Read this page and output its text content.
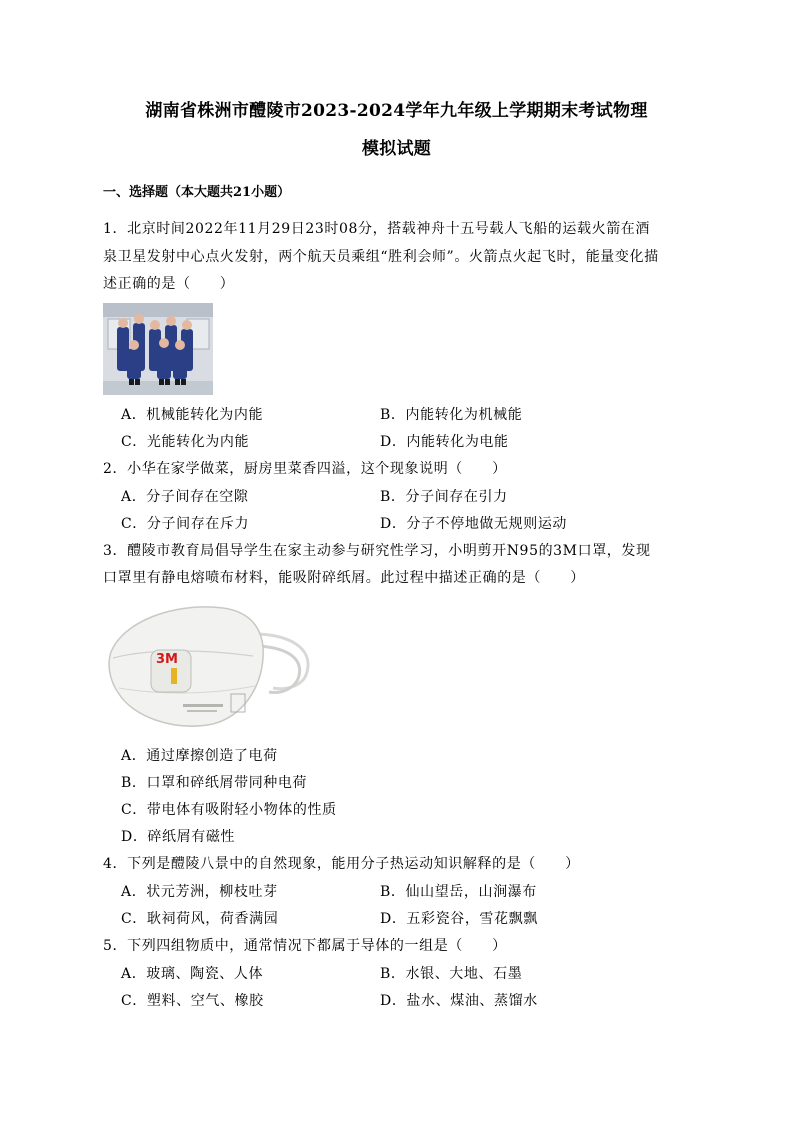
湖南省株洲市醴陵市2023-2024学年九年级上学期期末考试物理
模拟试题
一、选择题（本大题共21小题）
1．北京时间2022年11月29日23时08分，搭载神舟十五号载人飞船的运载火箭在酒
泉卫星发射中心点火发射，两个航天员乘组“胜利会师”。火箭点火起飞时，能量变化描
述正确的是（　　）
A．机械能转化为内能	B．内能转化为机械能
C．光能转化为内能	D．内能转化为电能
2．小华在家学做菜，厨房里菜香四溢，这个现象说明（　　）
A．分子间存在空隙	B．分子间存在引力
C．分子间存在斥力	D．分子不停地做无规则运动
3．醴陵市教育局倡导学生在家主动参与研究性学习，小明剪开N95的3M口罩，发现
口罩里有静电熔喷布材料，能吸附碎纸屑。此过程中描述正确的是（　　）
3M
A．通过摩擦创造了电荷
B．口罩和碎纸屑带同种电荷
C．带电体有吸附轻小物体的性质
D．碎纸屑有磁性
4．下列是醴陵八景中的自然现象，能用分子热运动知识解释的是（　　）
A．状元芳洲，柳枝吐芽	B．仙山望岳，山涧瀑布
C．耿祠荷风，荷香满园	D．五彩瓷谷，雪花飘飘
5．下列四组物质中，通常情况下都属于导体的一组是（　　）
A．玻璃、陶瓷、人体	B．水银、大地、石墨
C．塑料、空气、橡胶	D．盐水、煤油、蒸馏水
